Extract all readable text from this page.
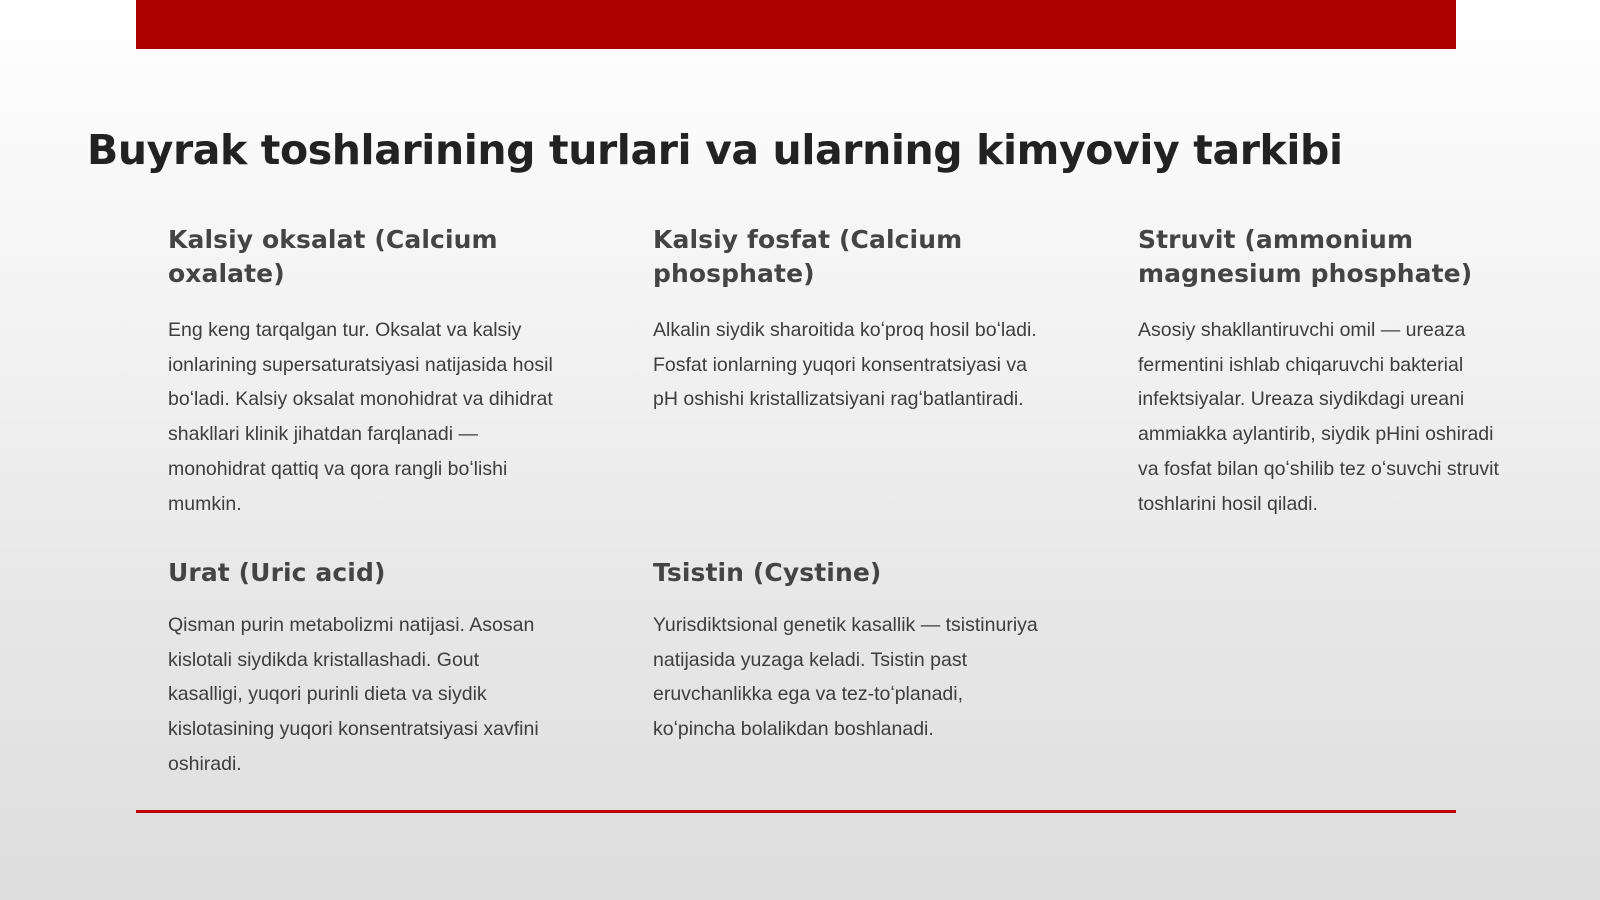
Buyrak toshlarining turlari va ularning kimyoviy tarkibi
Kalsiy oksalat (Calcium oxalate)

Eng keng tarqalgan tur. Oksalat va kalsiy ionlarining supersaturatsiyasi natijasida hosil boʻladi. Kalsiy oksalat monohidrat va dihidrat shakllari klinik jihatdan farqlanadi — monohidrat qattiq va qora rangli boʻlishi mumkin.

Kalsiy fosfat (Calcium phosphate)

Alkalin siydik sharoitida koʻproq hosil boʻladi. Fosfat ionlarning yuqori konsentratsiyasi va pH oshishi kristallizatsiyani ragʻbatlantiradi.

Struvit (ammonium magnesium phosphate)

Asosiy shakllantiruvchi omil — ureaza fermentini ishlab chiqaruvchi bakterial infektsiyalar. Ureaza siydikdagi ureani ammiakka aylantirib, siydik pHini oshiradi va fosfat bilan qoʻshilib tez oʻsuvchi struvit toshlarini hosil qiladi.

Urat (Uric acid)

Qisman purin metabolizmi natijasi. Asosan kislotali siydikda kristallashadi. Gout kasalligi, yuqori purinli dieta va siydik kislotasining yuqori konsentratsiyasi xavfini oshiradi.

Tsistin (Cystine)

Yurisdiktsional genetik kasallik — tsistinuriya natijasida yuzaga keladi. Tsistin past eruvchanlikka ega va tez-toʻplanadi, koʻpincha bolalikdan boshlanadi.
